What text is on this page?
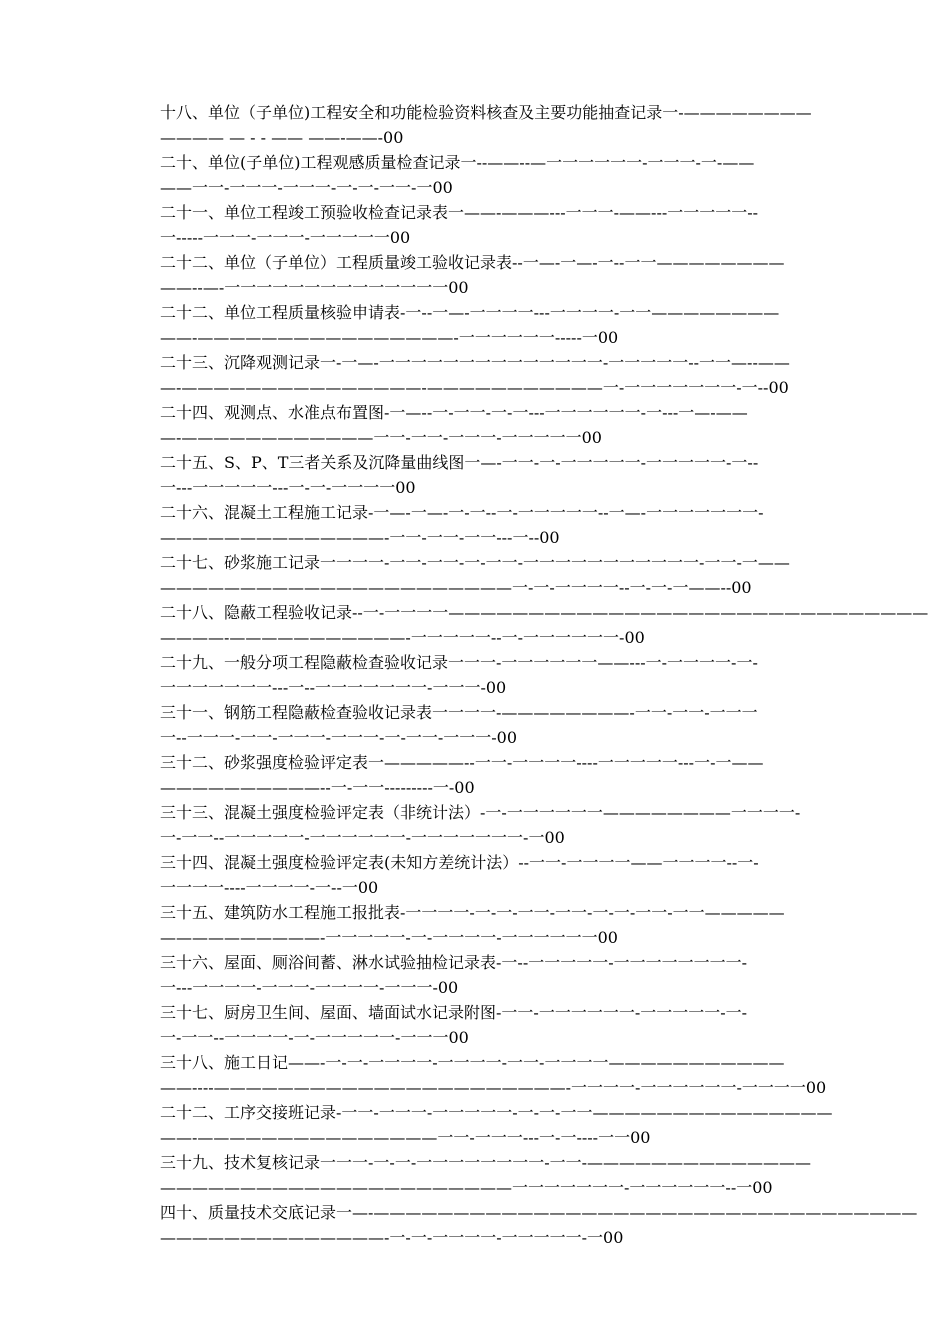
十八、单位（子单位)工程安全和功能检验资料核查及主要功能抽查记录一-————————
———— — - - —— ——-——-00
二十、单位(子单位)工程观感质量检查记录一--——--—一一一一一一-一一一-一-——
——一一-一一一-一一一-一-一-一一-一00
二十一、单位工程竣工预验收检查记录表一——-———---一一一-——---一一一一一--
一-----一一一-一一一-一一一一一00
二十二、单位（子单位）工程质量竣工验收记录表--一—-一—-一--一一————————
——--—-一一一一一一一一一一一一一一00
二十二、单位工程质量核验申请表-一--一—-一一一一---一一一一-一一————————
——-————————————————-一一一一一一-----一00
二十三、沉降观测记录一-一—-一一一一一一一一一一一一一一-一一一一一--一一—--——
—-———————————————-———————————一-一一一一一一一-一--00
二十四、观测点、水准点布置图-一—--一-一一-一-一---一一一一一一-一---一—-——
—-————————————一一-一一-一一一-一一一一一00
二十五、S、P、T三者关系及沉降量曲线图一—-一一-一-一一一一一-一一一一一-一--
一---一一一一一---一-一-一一一一00
二十六、混凝土工程施工记录-一—-一—-一-一--一-一一一一一--一—-一一一一一一一-
——————————————-一一-一一-一一---一--00
二十七、砂浆施工记录一一一一-一一-一一-一-一一-一一一一一一一一一一一-一一-一——
——————————————————————一-一-一一一一--一-一-一——--00
二十八、隐蔽工程验收记录--一-一一一一——————————————————————————————
————-———————————-一一一一一--一-一一一一一一-00
二十九、一般分项工程隐蔽检查验收记录一一一-一一一一一一——---一-一一一一-一-
一一一一一一一---一--一一一一一一一-一一一-00
三十一、钢筋工程隐蔽检查验收记录表一一一一-————————-一一-一一-一一一
一--一一一-一一-一一一-一一一-一-一一-一一一-00
三十二、砂浆强度检验评定表一—————--一一-一一一一----一一一一一---一-一——
——————————--一-一一---------一-00
三十三、混凝土强度检验评定表（非统计法）-一-一一一一一一————————一一一一-
一-一一--一一一一一-一一一一一一-一一一一一一一-一00
三十四、混凝土强度检验评定表(未知方差统计法）--一一-一一一一——一一一一--一-
一一一一----一一一一-一--一00
三十五、建筑防水工程施工报批表-一一一一-一-一-一一-一一-一-一-一一-一一—————
——————————-一一一一一-一-一一一一-一一一一一一00
三十六、屋面、厕浴间蓄、淋水试验抽检记录表-一--一一一一一-一一一一一一一一-
一---一一一一-一一一-一一一一-一一一-00
三十七、厨房卫生间、屋面、墙面试水记录附图-一一-一一一一一一-一一一一一-一-
一-一一--一一一一-一-一一一一一-一一一00
三十八、施工日记——-一-一-一一一一-一一一一-一一-一一一一———————————
——----——————————————————————-一一一一-一一一一一一-一一一一00
二十二、工序交接班记录-一一-一一一-一一一一一-一-一-一一———————————————
——-———————————————一一-一一一---一-一----一一00
三十九、技术复核记录一一一-一-一-一一一一一一一一-一一-——————————————
——————————————————————一一一一一一一-一一一一一一--一00
四十、质量技术交底记录一—-——————————————————————————————————
——————————————-一-一-一一一一-一一一一一-一00
